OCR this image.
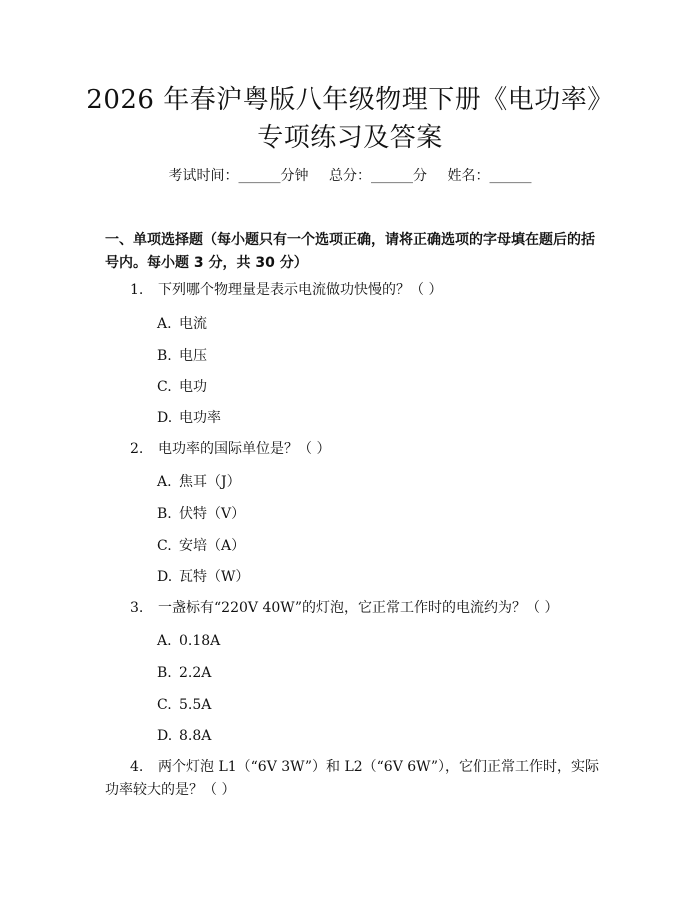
2026 年春沪粤版八年级物理下册《电功率》
专项练习及答案
考试时间：______分钟 总分：______分 姓名：______
一、单项选择题（每小题只有一个选项正确，请将正确选项的字母填在题后的括
号内。每小题 3 分，共 30 分）
1. 下列哪个物理量是表示电流做功快慢的？（ ）
A. 电流
B. 电压
C. 电功
D. 电功率
2. 电功率的国际单位是？（ ）
A. 焦耳（J）
B. 伏特（V）
C. 安培（A）
D. 瓦特（W）
3. 一盏标有“220V 40W”的灯泡，它正常工作时的电流约为？（ ）
A. 0.18A
B. 2.2A
C. 5.5A
D. 8.8A
4. 两个灯泡 L1（“6V 3W”）和 L2（“6V 6W”），它们正常工作时，实际
功率较大的是？（ ）
